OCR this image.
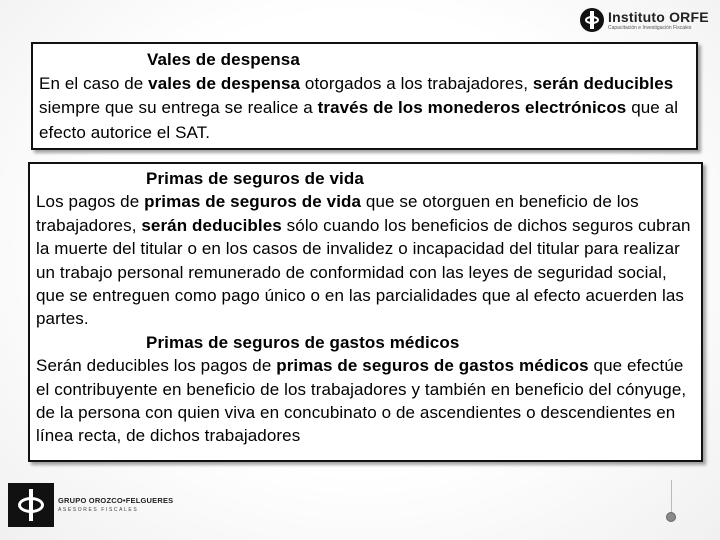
Instituto ORFE
Capacitación e Investigación Fiscales

Vales de despensa
En el caso de vales de despensa otorgados a los trabajadores, serán deducibles siempre que su entrega se realice a través de los monederos electrónicos que al efecto autorice el SAT.

Primas de seguros de vida
Los pagos de primas de seguros de vida que se otorguen en beneficio de los trabajadores, serán deducibles sólo cuando los beneficios de dichos seguros cubran la muerte del titular o en los casos de invalidez o incapacidad del titular para realizar un trabajo personal remunerado de conformidad con las leyes de seguridad social, que se entreguen como pago único o en las parcialidades que al efecto acuerden las partes.

Primas de seguros de gastos médicos
Serán deducibles los pagos de primas de seguros de gastos médicos que efectúe el contribuyente en beneficio de los trabajadores y también en beneficio del cónyuge, de la persona con quien viva en concubinato o de ascendientes o descendientes en línea recta, de dichos trabajadores

GRUPO OROZCO•FELGUERES
ASESORES FISCALES
